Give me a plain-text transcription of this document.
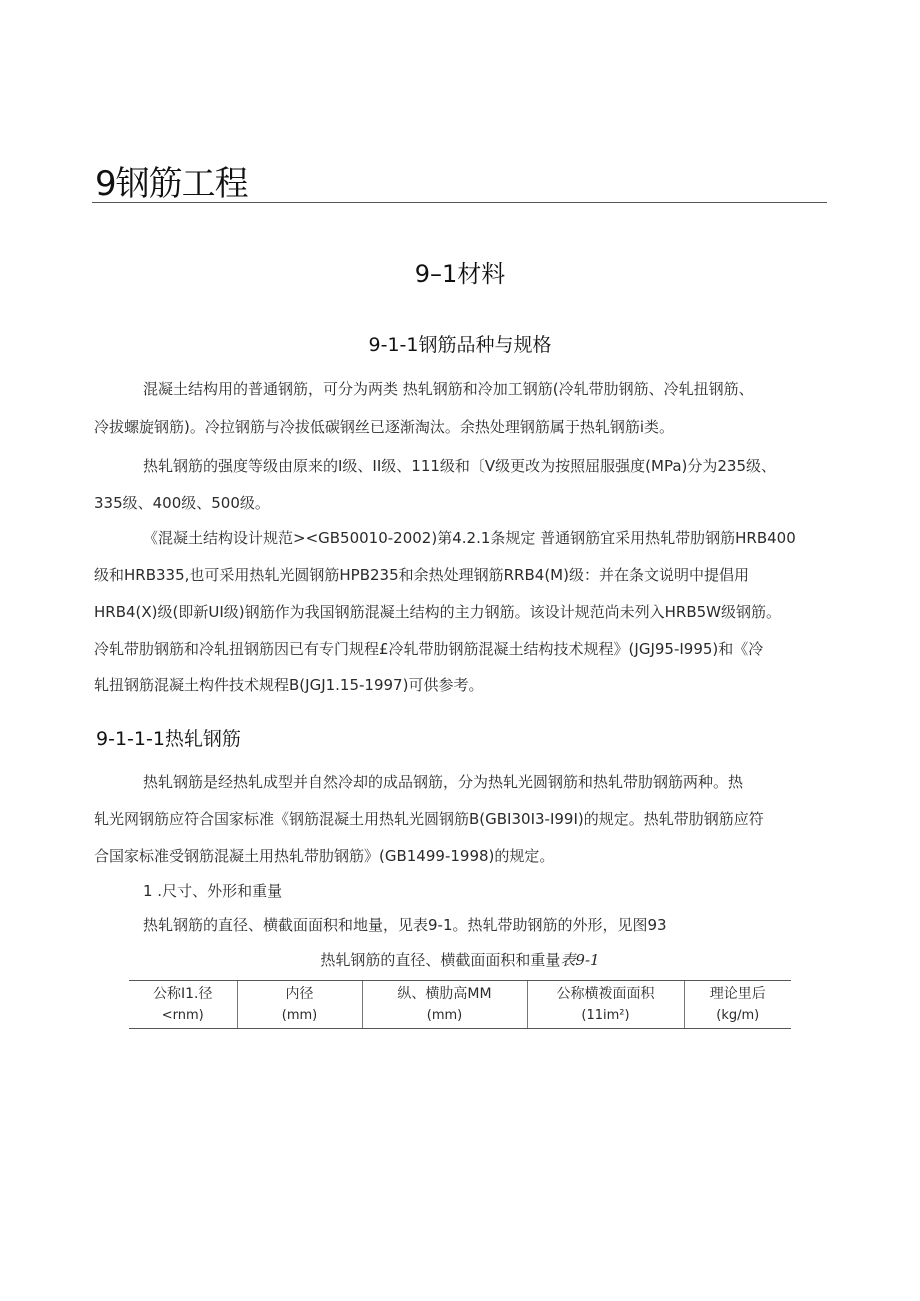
9钢筋工程
9–1材料
9-1-1钢筋品种与规格
混凝土结构用的普通钢筋，可分为两类 热轧钢筋和冷加工钢筋(冷轧带肋钢筋、冷轧扭钢筋、
冷拔螺旋钢筋)。冷拉钢筋与冷拔低碳钢丝已逐渐淘汰。余热处理钢筋属于热轧钢筋i类。
热轧钢筋的强度等级由原来的I级、II级、111级和〔V级更改为按照屈服强度(MPa)分为235级、
335级、400级、500级。
《混凝土结构设计规范><GB50010-2002)第4.2.1条规定 普通钢筋宜采用热轧带肋钢筋HRB400
级和HRB335,也可采用热轧光圆钢筋HPB235和余热处理钢筋RRB4(M)级：并在条文说明中提倡用
HRB4(X)级(即新UI级)钢筋作为我国钢筋混凝土结构的主力钢筋。该设计规范尚未列入HRB5W级钢筋。
冷轧带肋钢筋和冷轧扭钢筋因已有专门规程£冷轧带肋钢筋混凝土结构技术规程》(JGJ95-I995)和《冷
轧扭钢筋混凝土构件技术规程B(JGJ1.15-1997)可供参考。
9-1-1-1热轧钢筋
热轧钢筋是经热轧成型并自然冷却的成品钢筋，分为热轧光圆钢筋和热轧带肋钢筋两种。热
轧光网钢筋应符合国家标准《钢筋混凝土用热轧光圆钢筋B(GBI30I3-I99I)的规定。热轧带肋钢筋应符
合国家标准受钢筋混凝土用热轧带肋钢筋》(GB1499-1998)的规定。
1 .尺寸、外形和重量
热轧钢筋的直径、横截面面积和地量，见表9-1。热轧带助钢筋的外形，见图93
热轧钢筋的直径、横截面面积和重量表9-1
公称I1.径
<rnm)
	内径
(mm)
	纵、横肋高MM
(mm)
	公称横袯面面积
(11im²)
	理论里后
(kg∕m)
